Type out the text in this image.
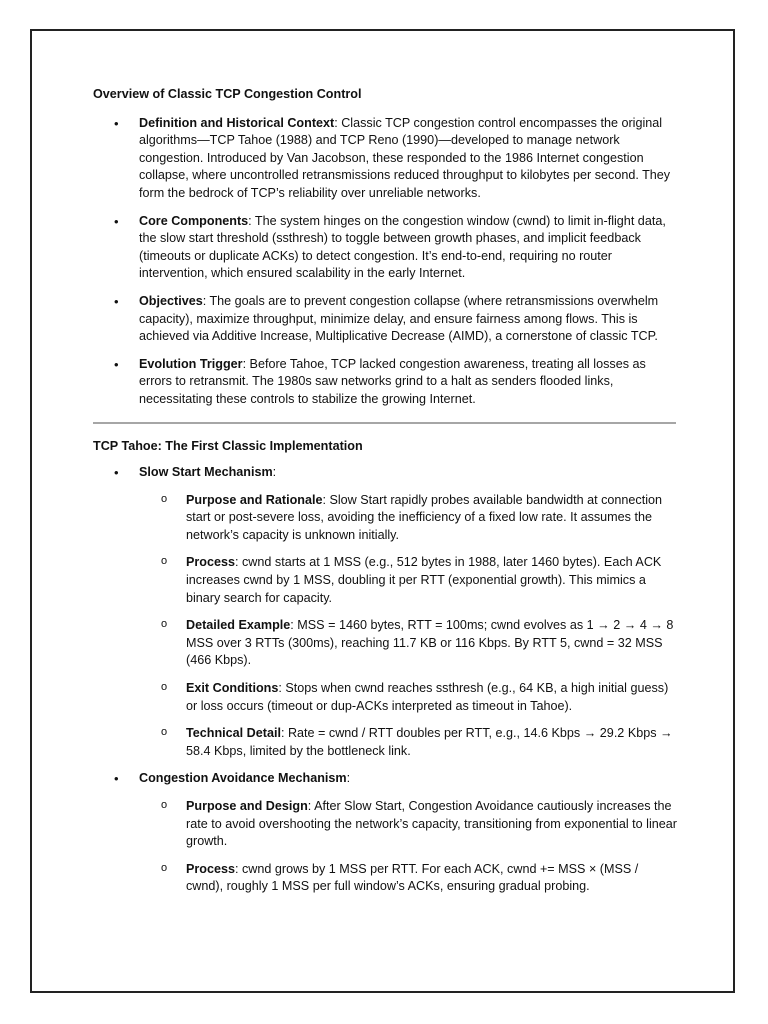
Overview of Classic TCP Congestion Control

• Definition and Historical Context: Classic TCP congestion control encompasses the original algorithms—TCP Tahoe (1988) and TCP Reno (1990)—developed to manage network congestion. Introduced by Van Jacobson, these responded to the 1986 Internet congestion collapse, where uncontrolled retransmissions reduced throughput to kilobytes per second. They form the bedrock of TCP’s reliability over unreliable networks.
• Core Components: The system hinges on the congestion window (cwnd) to limit in-flight data, the slow start threshold (ssthresh) to toggle between growth phases, and implicit feedback (timeouts or duplicate ACKs) to detect congestion. It’s end-to-end, requiring no router intervention, which ensured scalability in the early Internet.
• Objectives: The goals are to prevent congestion collapse (where retransmissions overwhelm capacity), maximize throughput, minimize delay, and ensure fairness among flows. This is achieved via Additive Increase, Multiplicative Decrease (AIMD), a cornerstone of classic TCP.
• Evolution Trigger: Before Tahoe, TCP lacked congestion awareness, treating all losses as errors to retransmit. The 1980s saw networks grind to a halt as senders flooded links, necessitating these controls to stabilize the growing Internet.

TCP Tahoe: The First Classic Implementation

• Slow Start Mechanism:
o Purpose and Rationale: Slow Start rapidly probes available bandwidth at connection start or post-severe loss, avoiding the inefficiency of a fixed low rate. It assumes the network’s capacity is unknown initially.
o Process: cwnd starts at 1 MSS (e.g., 512 bytes in 1988, later 1460 bytes). Each ACK increases cwnd by 1 MSS, doubling it per RTT (exponential growth). This mimics a binary search for capacity.
o Detailed Example: MSS = 1460 bytes, RTT = 100ms; cwnd evolves as 1 → 2 → 4 → 8 MSS over 3 RTTs (300ms), reaching 11.7 KB or 116 Kbps. By RTT 5, cwnd = 32 MSS (466 Kbps).
o Exit Conditions: Stops when cwnd reaches ssthresh (e.g., 64 KB, a high initial guess) or loss occurs (timeout or dup-ACKs interpreted as timeout in Tahoe).
o Technical Detail: Rate = cwnd / RTT doubles per RTT, e.g., 14.6 Kbps → 29.2 Kbps → 58.4 Kbps, limited by the bottleneck link.
• Congestion Avoidance Mechanism:
o Purpose and Design: After Slow Start, Congestion Avoidance cautiously increases the rate to avoid overshooting the network’s capacity, transitioning from exponential to linear growth.
o Process: cwnd grows by 1 MSS per RTT. For each ACK, cwnd += MSS × (MSS / cwnd), roughly 1 MSS per full window’s ACKs, ensuring gradual probing.
